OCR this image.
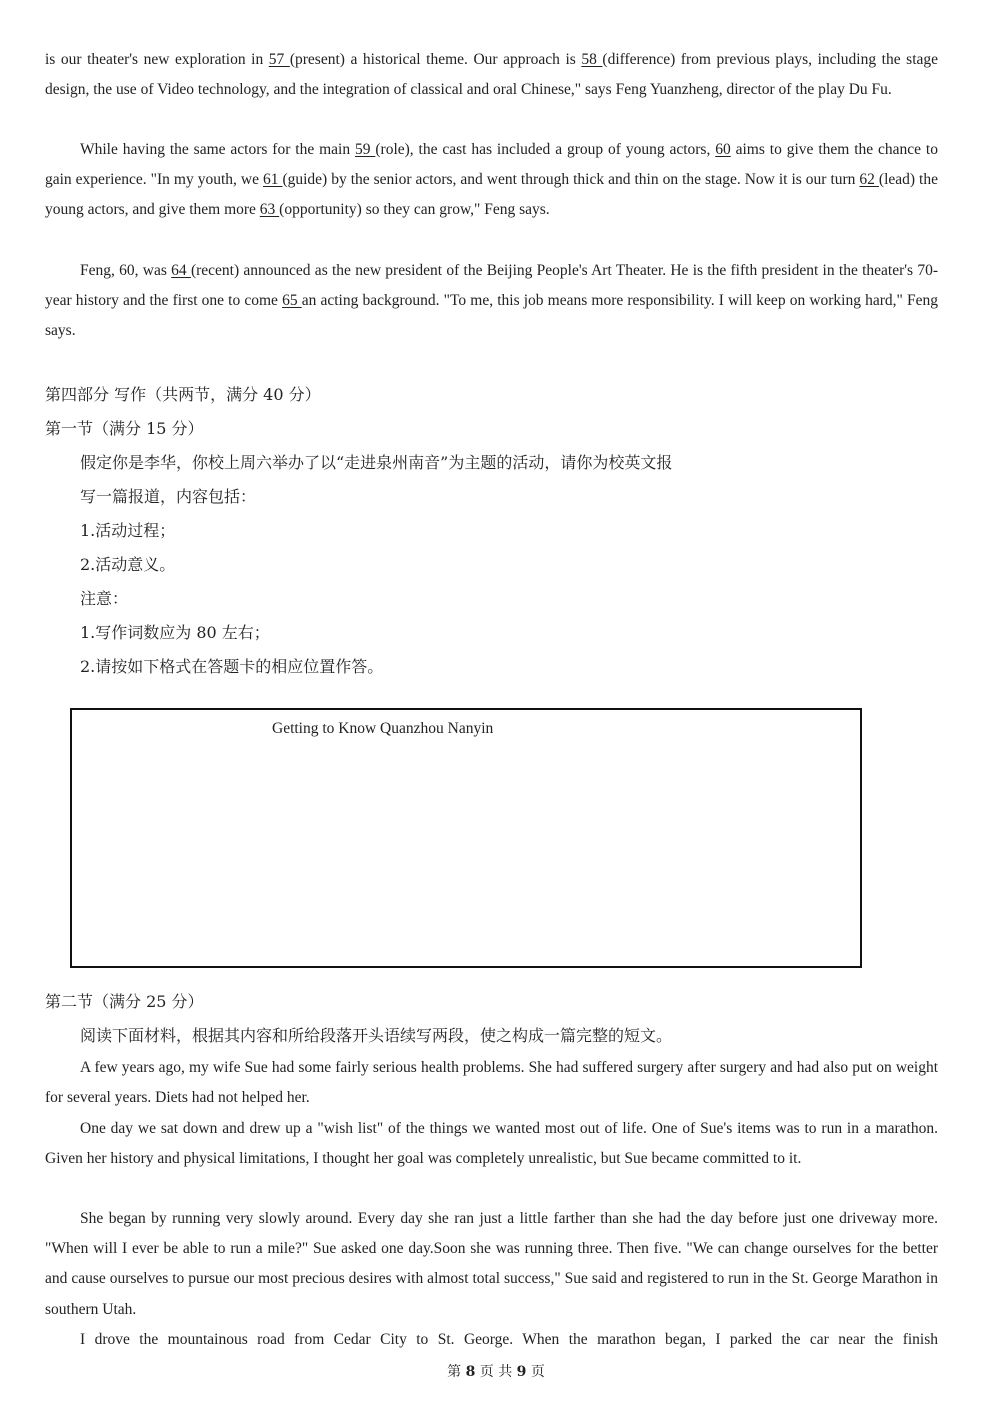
is our theater's new exploration in 57 (present) a historical theme. Our approach is 58 (difference) from previous plays, including the stage design, the use of Video technology, and the integration of classical and oral Chinese," says Feng Yuanzheng, director of the play Du Fu.

While having the same actors for the main 59 (role), the cast has included a group of young actors, 60 aims to give them the chance to gain experience. "In my youth, we 61 (guide) by the senior actors, and went through thick and thin on the stage. Now it is our turn 62 (lead) the young actors, and give them more 63 (opportunity) so they can grow," Feng says.

Feng, 60, was 64 (recent) announced as the new president of the Beijing People's Art Theater. He is the fifth president in the theater's 70-year history and the first one to come 65 an acting background. "To me, this job means more responsibility. I will keep on working hard," Feng says.

第四部分 写作（共两节，满分 40 分）

第一节（满分 15 分）

假定你是李华，你校上周六举办了以“走进泉州南音”为主题的活动，请你为校英文报

写一篇报道，内容包括：

1.活动过程；

2.活动意义。

注意：

1.写作词数应为 80 左右；

2.请按如下格式在答题卡的相应位置作答。

Getting to Know Quanzhou Nanyin

第二节（满分 25 分）

阅读下面材料，根据其内容和所给段落开头语续写两段，使之构成一篇完整的短文。

A few years ago, my wife Sue had some fairly serious health problems. She had suffered surgery after surgery and had also put on weight for several years. Diets had not helped her.

One day we sat down and drew up a "wish list" of the things we wanted most out of life. One of Sue's items was to run in a marathon. Given her history and physical limitations, I thought her goal was completely unrealistic, but Sue became committed to it.

She began by running very slowly around. Every day she ran just a little farther than she had the day before just one driveway more. "When will I ever be able to run a mile?" Sue asked one day.Soon she was running three. Then five. "We can change ourselves for the better and cause ourselves to pursue our most precious desires with almost total success," Sue said and registered to run in the St. George Marathon in southern Utah.

I drove the mountainous road from Cedar City to St. George. When the marathon began, I parked the car near the finish

第 8 页 共 9 页
